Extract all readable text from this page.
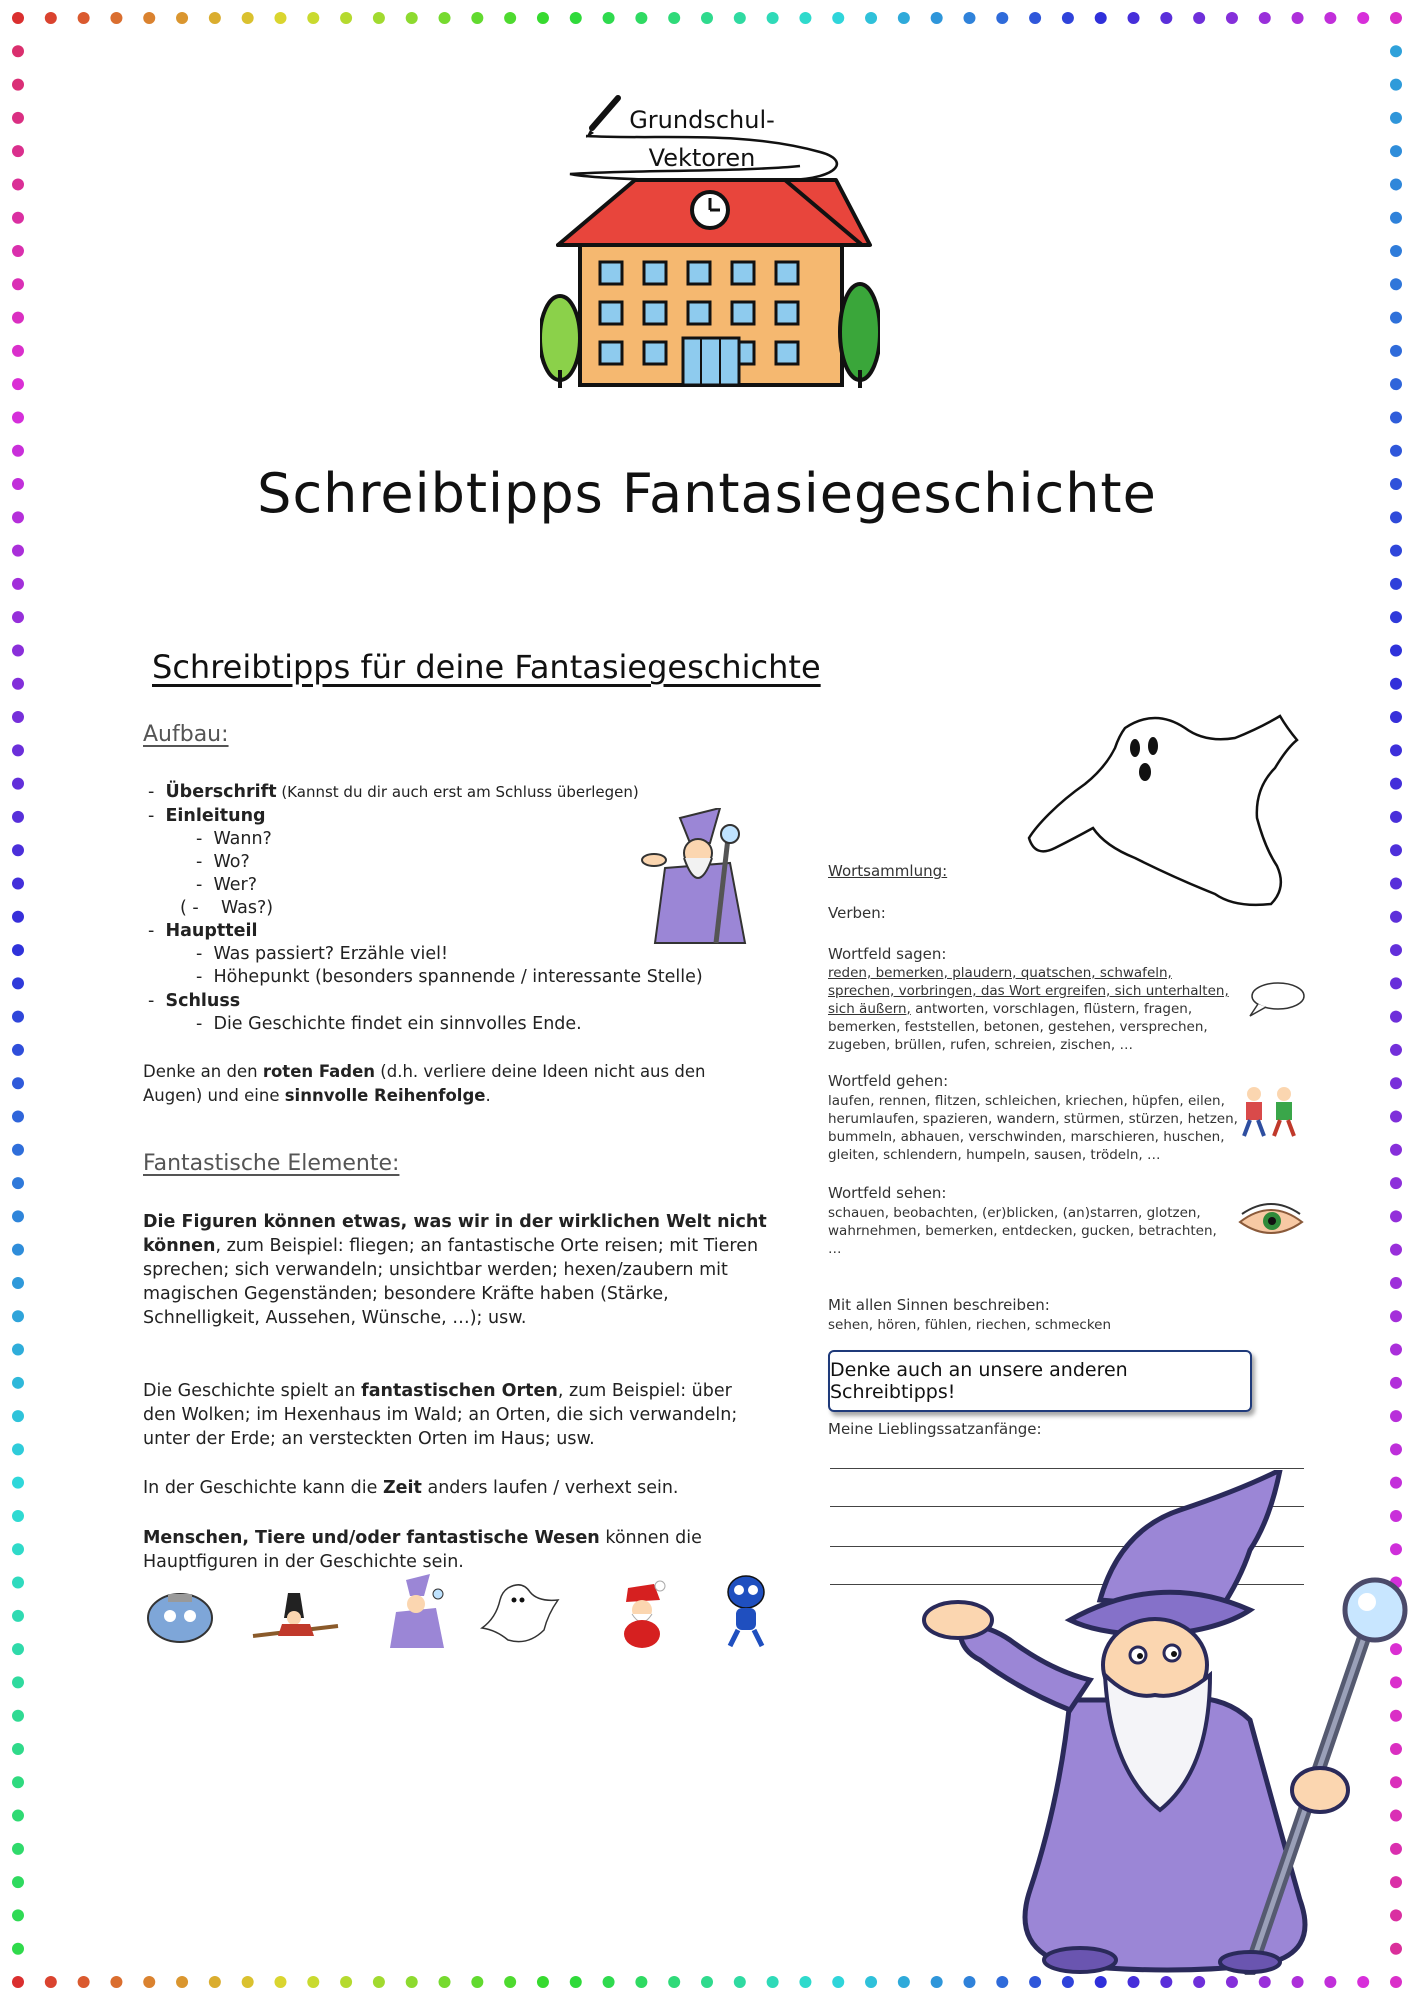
Grundschul-
Vektoren
Schreibtipps Fantasiegeschichte
Schreibtipps für deine Fantasiegeschichte
Aufbau:
- Überschrift (Kannst du dir auch erst am Schluss überlegen)
- Einleitung
- Wann?
- Wo?
- Wer?
( - Was?)
- Hauptteil
- Was passiert? Erzähle viel!
- Höhepunkt (besonders spannende / interessante Stelle)
- Schluss
- Die Geschichte findet ein sinnvolles Ende.
Denke an den roten Faden (d.h. verliere deine Ideen nicht aus den Augen) und eine sinnvolle Reihenfolge.
Fantastische Elemente:
Die Figuren können etwas, was wir in der wirklichen Welt nicht können, zum Beispiel: fliegen; an fantastische Orte reisen; mit Tieren sprechen; sich verwandeln; unsichtbar werden; hexen/zaubern mit magischen Gegenständen; besondere Kräfte haben (Stärke, Schnelligkeit, Aussehen, Wünsche, …); usw.
Die Geschichte spielt an fantastischen Orten, zum Beispiel: über den Wolken; im Hexenhaus im Wald; an Orten, die sich verwandeln; unter der Erde; an versteckten Orten im Haus; usw.
In der Geschichte kann die Zeit anders laufen / verhext sein.
Menschen, Tiere und/oder fantastische Wesen können die Hauptfiguren in der Geschichte sein.
Wortsammlung:
Verben:
Wortfeld sagen:
reden, bemerken, plaudern, quatschen, schwafeln, sprechen, vorbringen, das Wort ergreifen, sich unterhalten, sich äußern, antworten, vorschlagen, flüstern, fragen, bemerken, feststellen, betonen, gestehen, versprechen, zugeben, brüllen, rufen, schreien, zischen, …
Wortfeld gehen:
laufen, rennen, flitzen, schleichen, kriechen, hüpfen, eilen, herumlaufen, spazieren, wandern, stürmen, stürzen, hetzen, bummeln, abhauen, verschwinden, marschieren, huschen, gleiten, schlendern, humpeln, sausen, trödeln, …
Wortfeld sehen:
schauen, beobachten, (er)blicken, (an)starren, glotzen, wahrnehmen, bemerken, entdecken, gucken, betrachten, …
Mit allen Sinnen beschreiben:
sehen, hören, fühlen, riechen, schmecken
Denke auch an unsere anderen Schreibtipps!
Meine Lieblingssatzanfänge:
